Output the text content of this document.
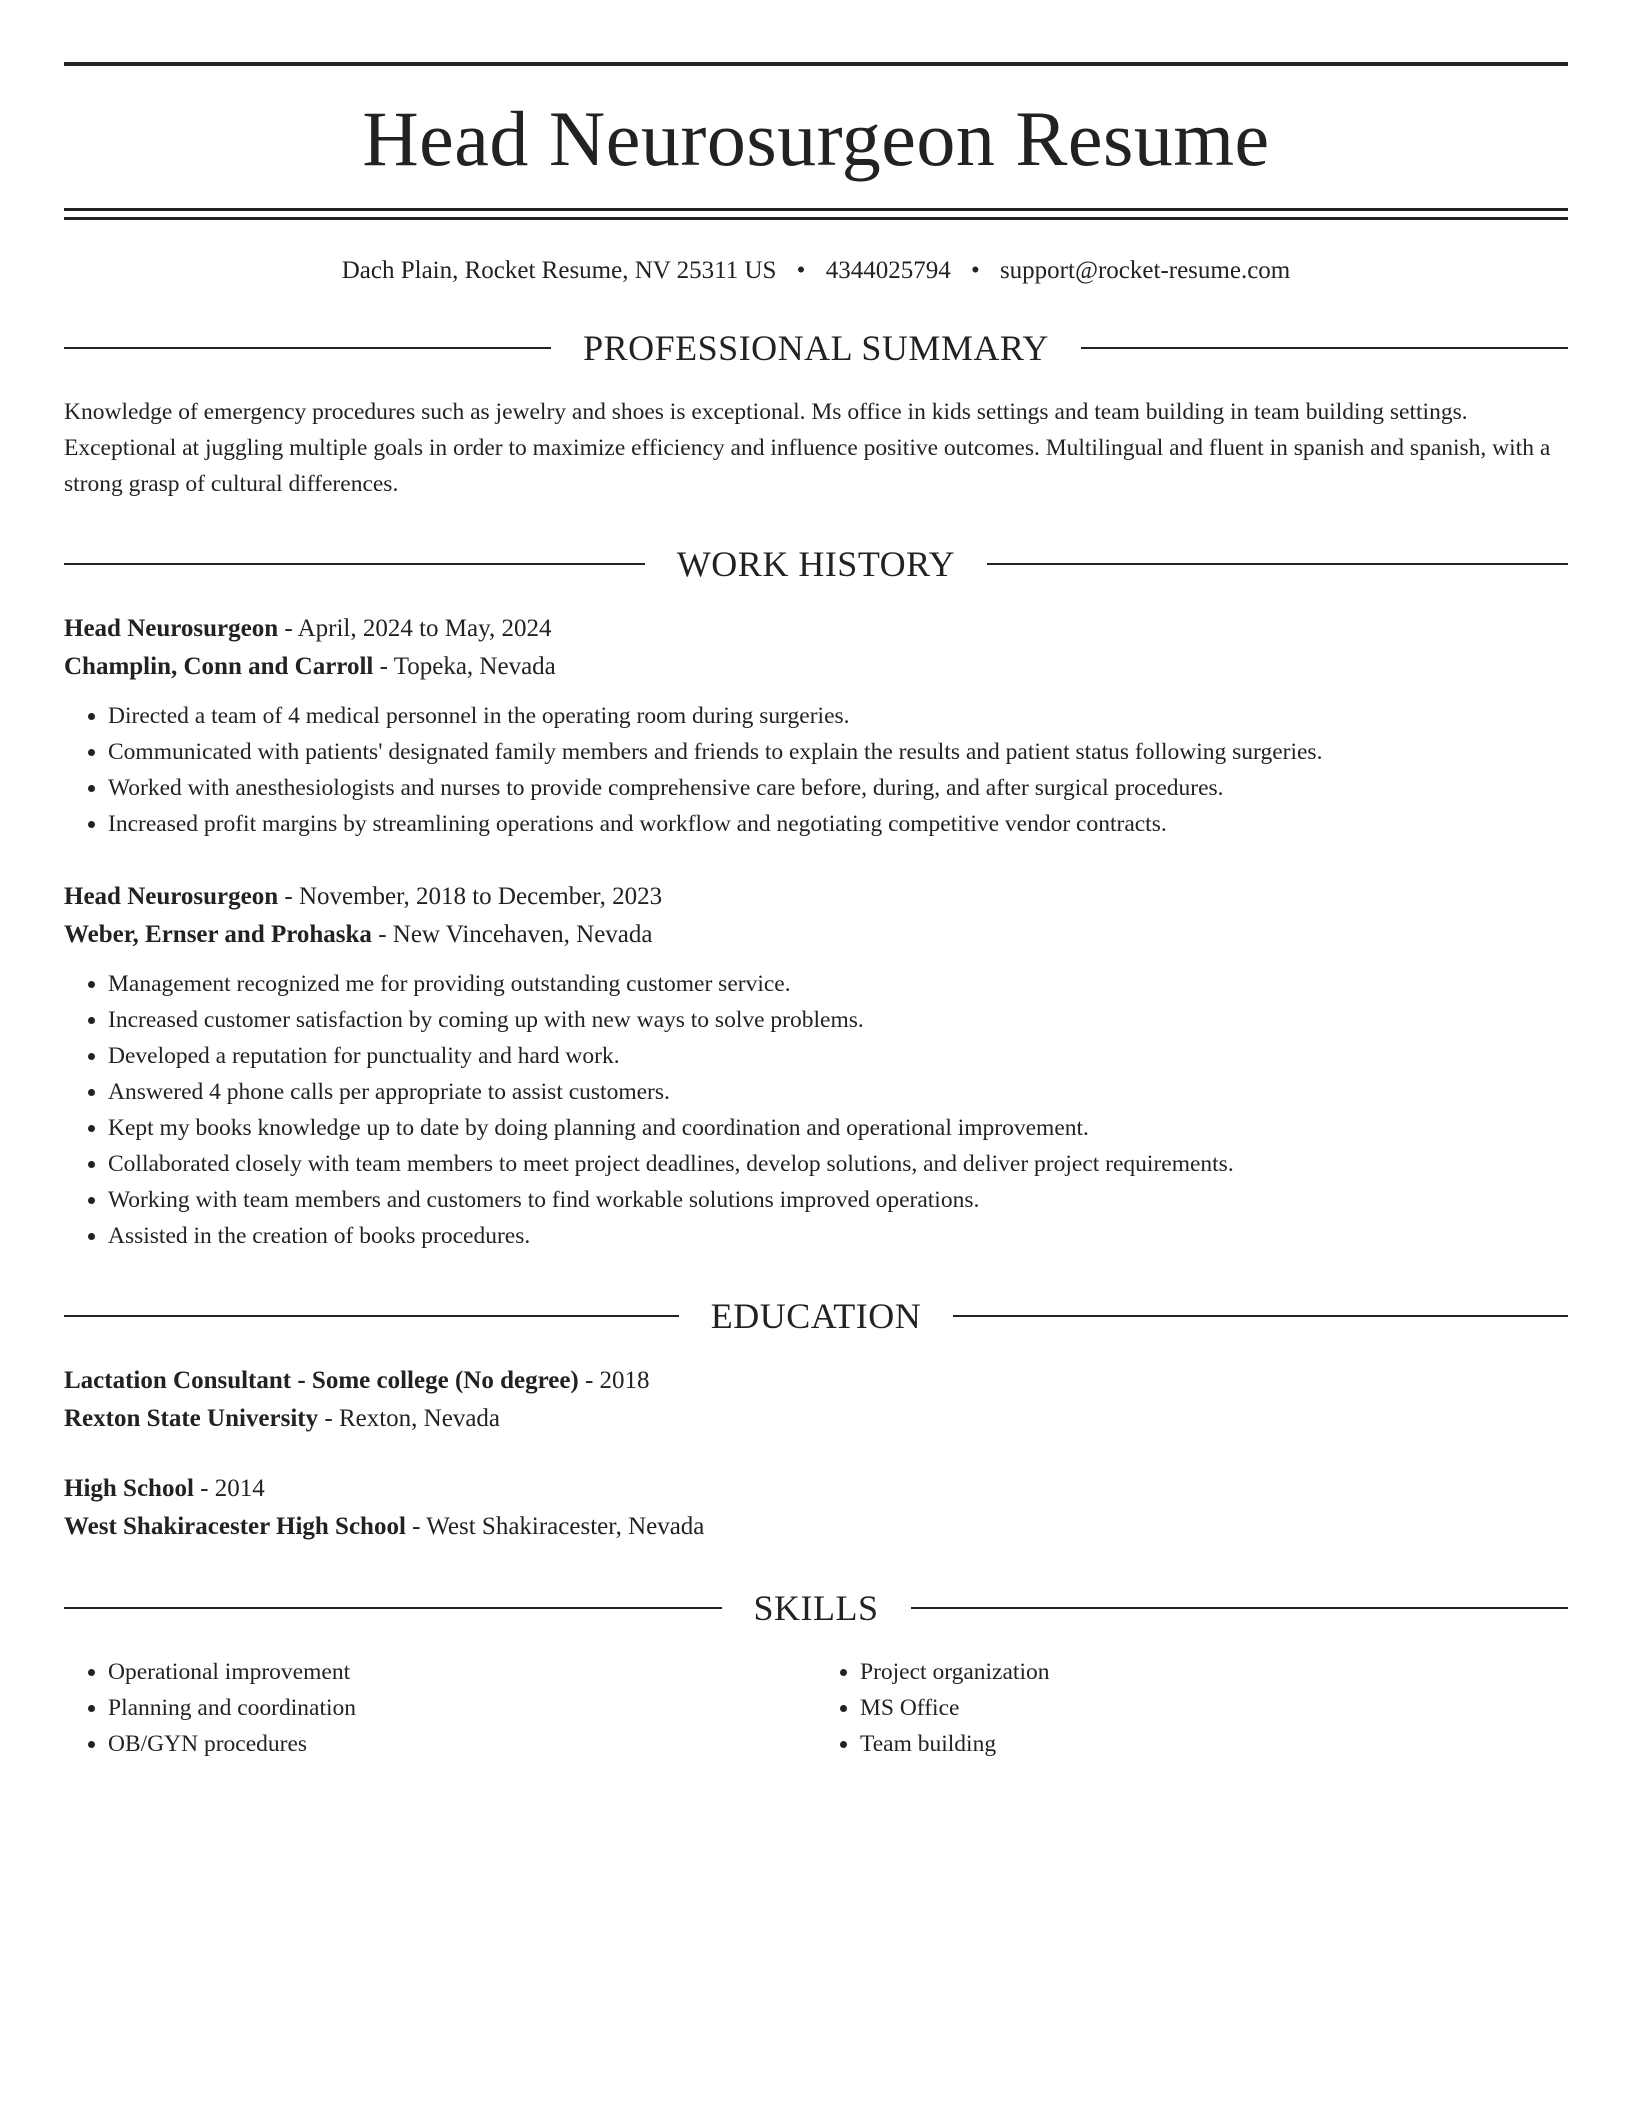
Head Neurosurgeon Resume
Dach Plain, Rocket Resume, NV 25311 US • 4344025794 • support@rocket-resume.com
PROFESSIONAL SUMMARY
Knowledge of emergency procedures such as jewelry and shoes is exceptional. Ms office in kids settings and team building in team building settings. Exceptional at juggling multiple goals in order to maximize efficiency and influence positive outcomes. Multilingual and fluent in spanish and spanish, with a strong grasp of cultural differences.
WORK HISTORY
Head Neurosurgeon - April, 2024 to May, 2024
Champlin, Conn and Carroll - Topeka, Nevada
• Directed a team of 4 medical personnel in the operating room during surgeries.
• Communicated with patients' designated family members and friends to explain the results and patient status following surgeries.
• Worked with anesthesiologists and nurses to provide comprehensive care before, during, and after surgical procedures.
• Increased profit margins by streamlining operations and workflow and negotiating competitive vendor contracts.
Head Neurosurgeon - November, 2018 to December, 2023
Weber, Ernser and Prohaska - New Vincehaven, Nevada
• Management recognized me for providing outstanding customer service.
• Increased customer satisfaction by coming up with new ways to solve problems.
• Developed a reputation for punctuality and hard work.
• Answered 4 phone calls per appropriate to assist customers.
• Kept my books knowledge up to date by doing planning and coordination and operational improvement.
• Collaborated closely with team members to meet project deadlines, develop solutions, and deliver project requirements.
• Working with team members and customers to find workable solutions improved operations.
• Assisted in the creation of books procedures.
EDUCATION
Lactation Consultant - Some college (No degree) - 2018
Rexton State University - Rexton, Nevada
High School - 2014
West Shakiracester High School - West Shakiracester, Nevada
SKILLS
• Operational improvement
• Planning and coordination
• OB/GYN procedures
• Project organization
• MS Office
• Team building
